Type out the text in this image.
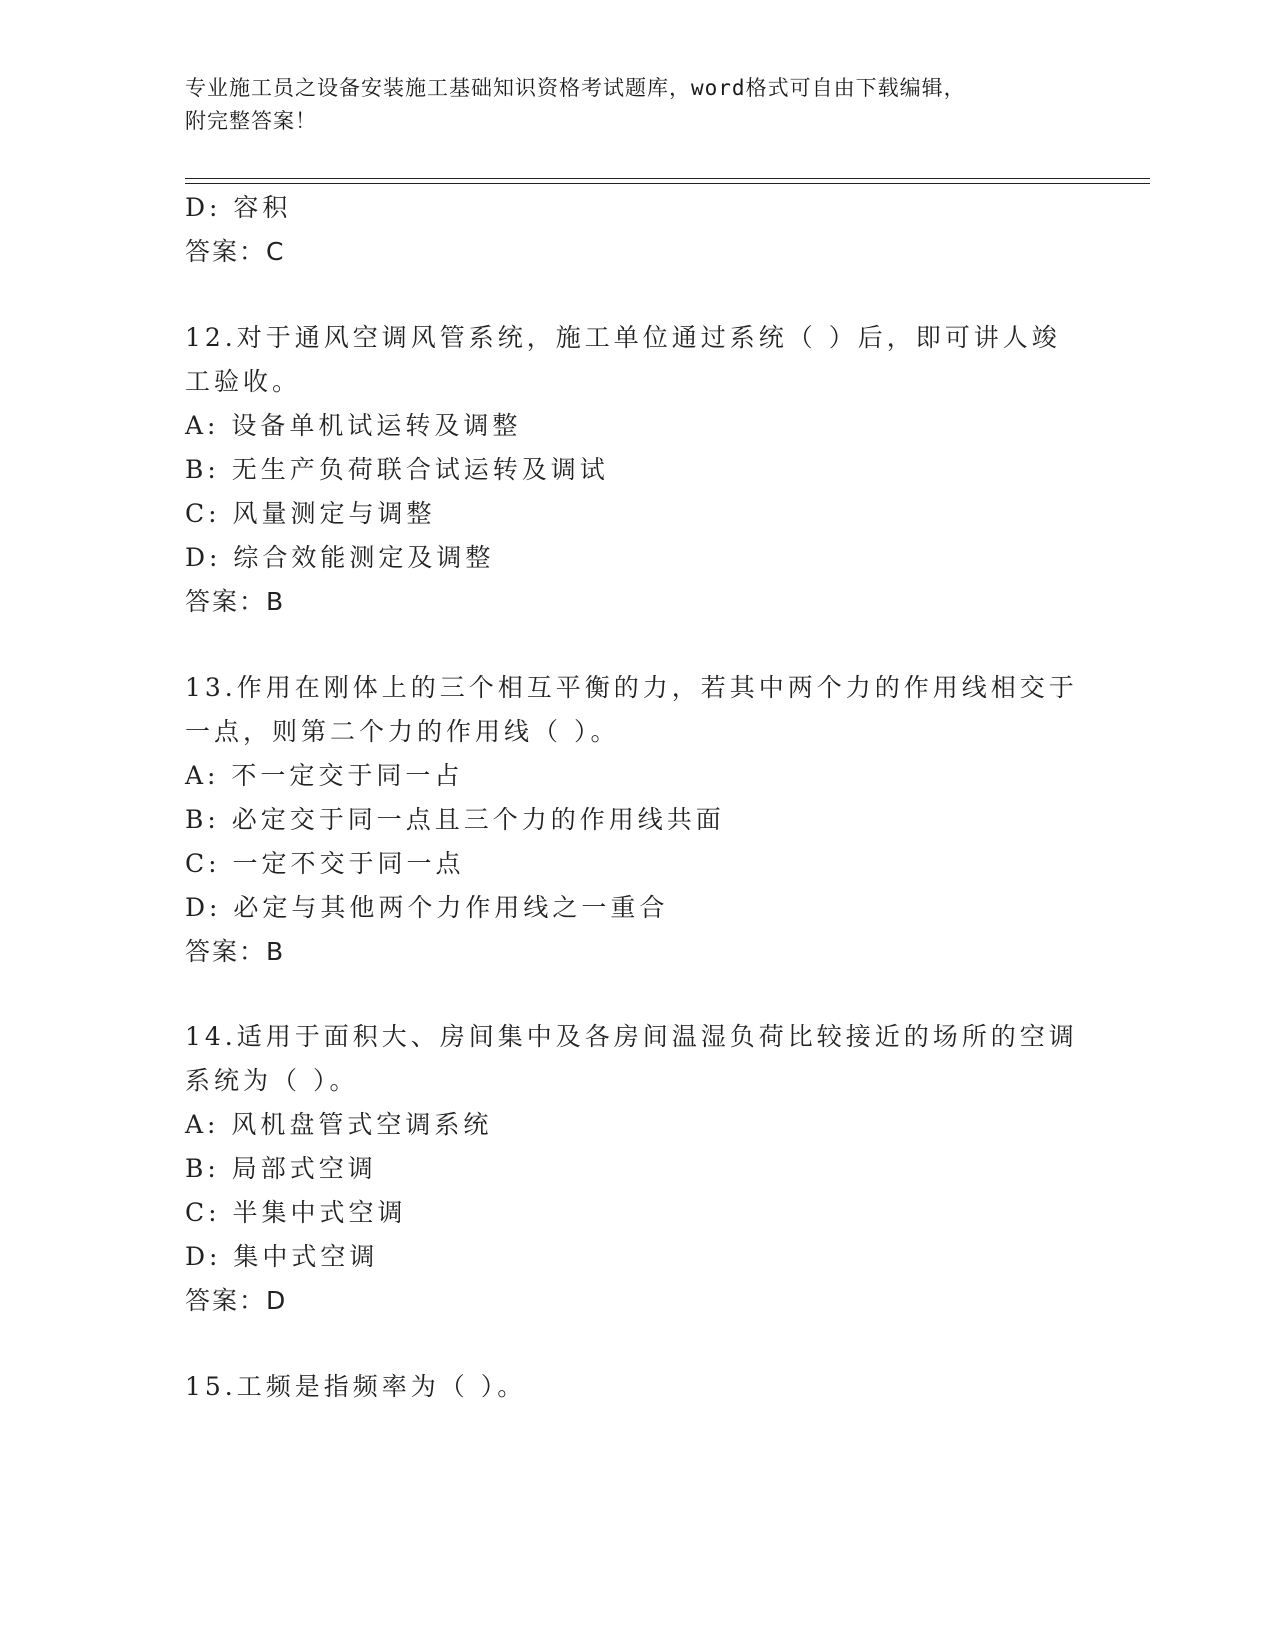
专业施工员之设备安装施工基础知识资格考试题库，word格式可自由下载编辑，
附完整答案！
D: 容积
答案：C
12.对于通风空调风管系统，施工单位通过系统（ ）后，即可讲人竣
工验收。
A: 设备单机试运转及调整
B: 无生产负荷联合试运转及调试
C: 风量测定与调整
D: 综合效能测定及调整
答案：B
13.作用在刚体上的三个相互平衡的力，若其中两个力的作用线相交于
一点，则第二个力的作用线（ ）。
A: 不一定交于同一占
B: 必定交于同一点且三个力的作用线共面
C: 一定不交于同一点
D: 必定与其他两个力作用线之一重合
答案：B
14.适用于面积大、房间集中及各房间温湿负荷比较接近的场所的空调
系统为（ ）。
A: 风机盘管式空调系统
B: 局部式空调
C: 半集中式空调
D: 集中式空调
答案：D
15.工频是指频率为（ ）。
